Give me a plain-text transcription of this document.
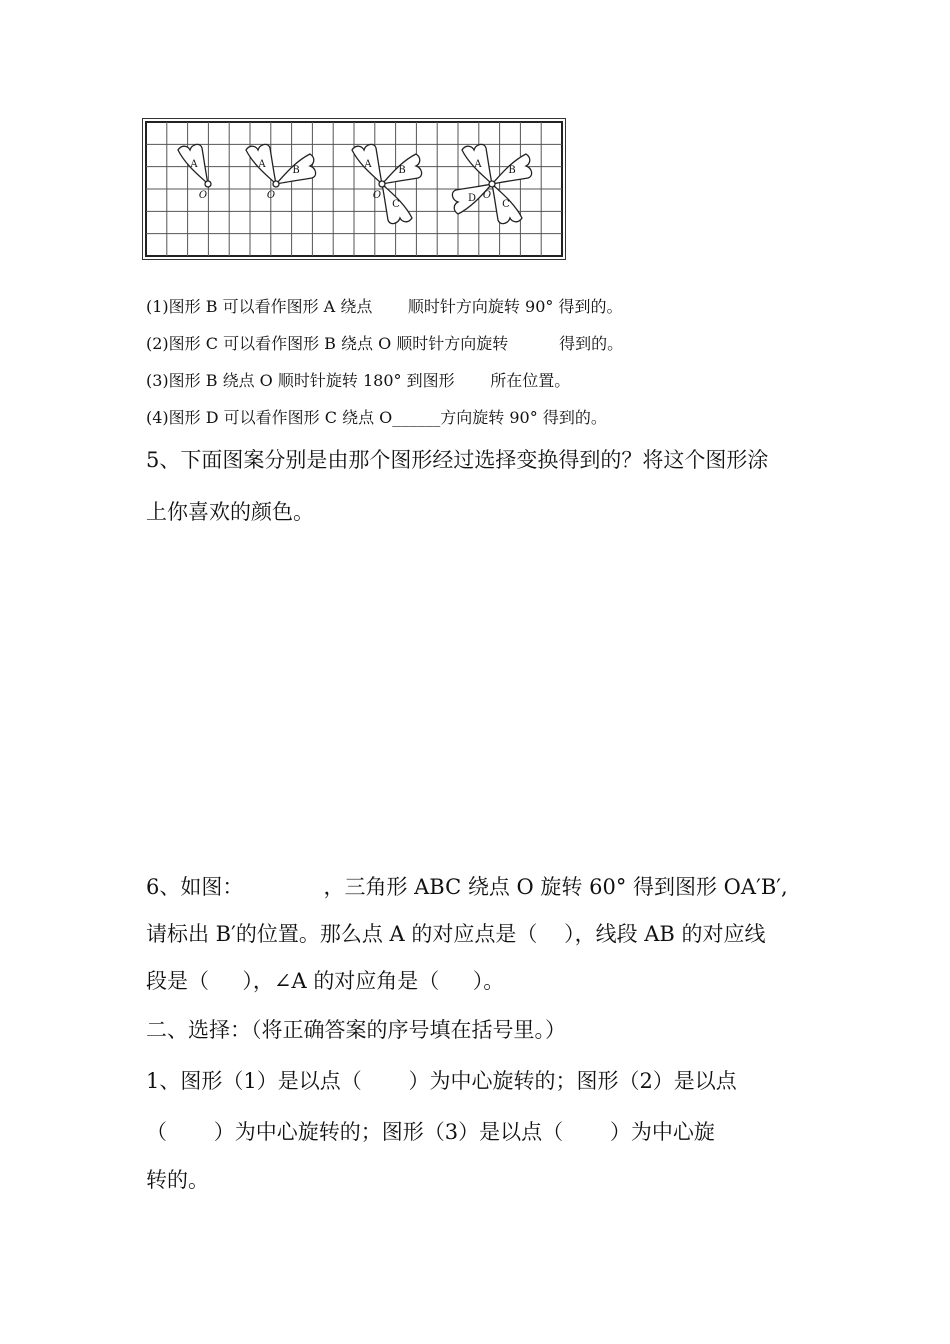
A
O
A
B
O
A
B
C
O
A
B
C
D O
(1)图形 B 可以看作图形 A 绕点       顺时针方向旋转 90° 得到的。
(2)图形 C 可以看作图形 B 绕点 O 顺时针方向旋转          得到的。
(3)图形 B 绕点 O 顺时针旋转 180° 到图形       所在位置。
(4)图形 D 可以看作图形 C 绕点 O______方向旋转 90° 得到的。
5、下面图案分别是由那个图形经过选择变换得到的？将这个图形涂
上你喜欢的颜色。
6、如图：            ，三角形 ABC 绕点 O 旋转 60° 得到图形 OA′B′,
请标出 B′的位置。那么点 A 的对应点是（    ），线段 AB 的对应线
段是（     ），∠A 的对应角是（     ）。
二、选择：（将正确答案的序号填在括号里。）
1、图形（1）是以点（       ）为中心旋转的；图形（2）是以点
（       ）为中心旋转的；图形（3）是以点（       ）为中心旋
转的。
